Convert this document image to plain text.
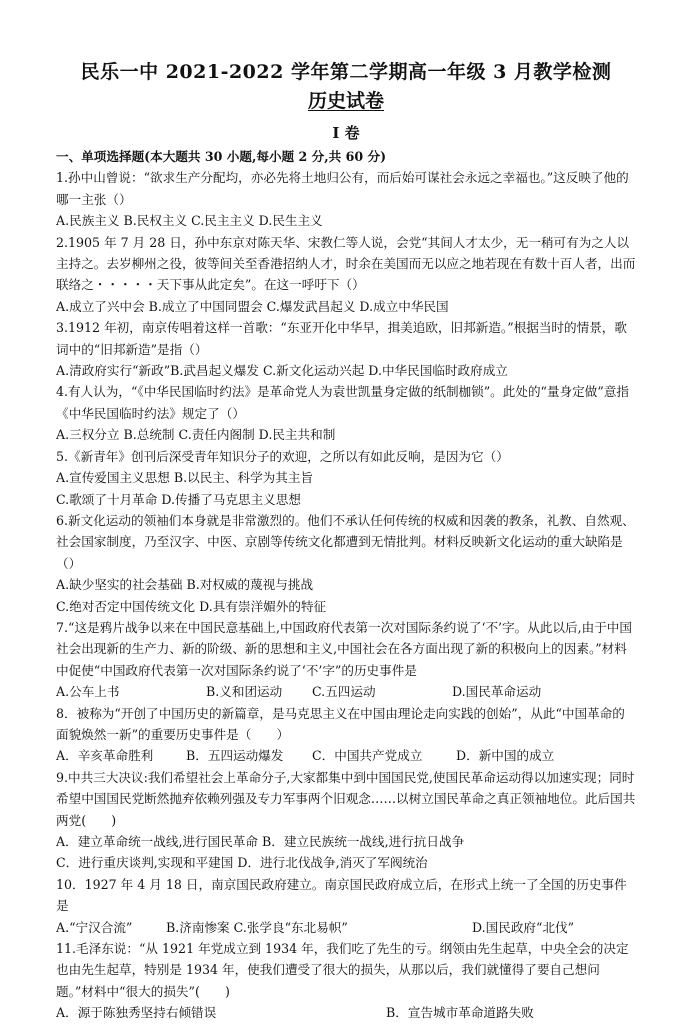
民乐一中 2021-2022 学年第二学期高一年级 3 月教学检测
历史试卷
I 卷
一、单项选择题(本大题共 30 小题,每小题 2 分,共 60 分)

1.孙中山曾说：“欲求生产分配均，亦必先将土地归公有，而后始可谋社会永远之幸福也。”这反映了他的哪一主张（）

A.民族主义 B.民权主义 C.民主主义 D.民生主义

2.1905 年 7 月 28 日，孙中东京对陈天华、宋教仁等人说，会党“其间人才太少，无一稍可有为之人以主持之。去岁柳州之役，彼等间关至香港招纳人才，时余在美国而无以应之地若现在有数十百人者，出而联络之・・・・・天下事从此定矣”。在这一呼吁下（）

A.成立了兴中会 B.成立了中国同盟会 C.爆发武昌起义 D.成立中华民国

3.1912 年初，南京传唱着这样一首歌：“东亚开化中华早，揖美追欧，旧邦新造。”根据当时的情景，歌词中的“旧邦新造”是指（）

A.清政府实行“新政”B.武昌起义爆发 C.新文化运动兴起 D.中华民国临时政府成立

4.有人认为，“《中华民国临时约法》是革命党人为袁世凯量身定做的纸制枷锁”。此处的“量身定做”意指《中华民国临时约法》规定了（）

A.三权分立 B.总统制 C.责任内阁制 D.民主共和制

5.《新青年》创刊后深受青年知识分子的欢迎，之所以有如此反响，是因为它（）

A.宣传爱国主义思想 B.以民主、科学为其主旨

C.歌颂了十月革命 D.传播了马克思主义思想

6.新文化运动的领袖们本身就是非常激烈的。他们不承认任何传统的权威和因袭的教条，礼教、自然观、社会国家制度，乃至汉字、中医、京剧等传统文化都遭到无情批判。材料反映新文化运动的重大缺陷是（）

A.缺少坚实的社会基础 B.对权威的蔑视与挑战

C.绝对否定中国传统文化 D.具有崇洋媚外的特征

7.“这是鸦片战争以来在中国民意基础上,中国政府代表第一次对国际条约说了‘不’字。从此以后,由于中国社会出现新的生产力、新的阶级、新的思想和主义,中国社会在各方面出现了新的积极向上的因素。”材料中促使“中国政府代表第一次对国际条约说了‘不’字”的历史事件是

A.公车上书	B.义和团运动	C.五四运动	D.国民革命运动

8．被称为“开创了中国历史的新篇章，是马克思主义在中国由理论走向实践的创始”，从此“中国革命的面貌焕然一新”的重要历史事件是（　　）

A．辛亥革命胜利	B．五四运动爆发	C．中国共产党成立	D．新中国的成立

9.中共三大决议:我们希望社会上革命分子,大家都集中到中国国民党,使国民革命运动得以加速实现；同时希望中国国民党断然抛弃依赖列强及专力军事两个旧观念……以树立国民革命之真正领袖地位。此后国共两党(　　)

A．建立革命统一战线,进行国民革命 B．建立民族统一战线,进行抗日战争

C．进行重庆谈判,实现和平建国 D．进行北伐战争,消灭了军阀统治

10．1927 年 4 月 18 日，南京国民政府建立。南京国民政府成立后，在形式上统一了全国的历史事件是

A.“宁汉合流”	B.济南惨案 C.张学良“东北易帜”	D.国民政府“北伐”

11.毛泽东说：“从 1921 年党成立到 1934 年，我们吃了先生的亏。纲领由先生起草，中央全会的决定也由先生起草，特别是 1934 年，使我们遭受了很大的损失，从那以后，我们就懂得了要自己想问题。”材料中“很大的损失”(　　)

A．源于陈独秀坚持右倾错误	B．宣告城市革命道路失败
